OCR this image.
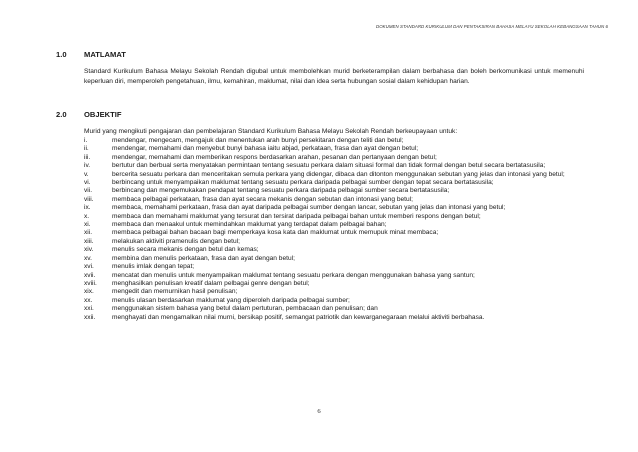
DOKUMEN STANDARD KURIKULUM DAN PENTAKSIRAN BAHASA MELAYU SEKOLAH KEBANGSAAN TAHUN 6
1.0 MATLAMAT
Standard Kurikulum Bahasa Melayu Sekolah Rendah digubal untuk membolehkan murid berketerampilan dalam berbahasa dan boleh berkomunikasi untuk memenuhi keperluan diri, memperoleh pengetahuan, ilmu, kemahiran, maklumat, nilai dan idea serta hubungan sosial dalam kehidupan harian.
2.0 OBJEKTIF
Murid yang mengikuti pengajaran dan pembelajaran Standard Kurikulum Bahasa Melayu Sekolah Rendah berkeupayaan untuk:
i.	mendengar, mengecam, mengajuk dan menentukan arah bunyi persekitaran dengan teliti dan betul;
ii.	mendengar, memahami dan menyebut bunyi bahasa iaitu abjad, perkataan, frasa dan ayat dengan betul;
iii.	mendengar, memahami dan memberikan respons berdasarkan arahan, pesanan dan pertanyaan dengan betul;
iv.	bertutur dan berbual serta menyatakan permintaan tentang sesuatu perkara dalam situasi formal dan tidak formal dengan betul secara bertatasusila;
v.	bercerita sesuatu perkara dan menceritakan semula perkara yang didengar, dibaca dan ditonton menggunakan sebutan yang jelas dan intonasi yang betul;
vi.	berbincang untuk menyampaikan maklumat tentang sesuatu perkara daripada pelbagai sumber dengan tepat secara bertatasusila;
vii.	berbincang dan mengemukakan pendapat tentang sesuatu perkara daripada pelbagai sumber secara bertatasusila;
viii.	membaca pelbagai perkataan, frasa dan ayat secara mekanis dengan sebutan dan intonasi yang betul;
ix.	membaca, memahami perkataan, frasa dan ayat daripada pelbagai sumber dengan lancar, sebutan yang jelas dan intonasi yang betul;
x.	membaca dan memahami maklumat yang tersurat dan tersirat daripada pelbagai bahan untuk memberi respons dengan betul;
xi.	membaca dan menaakul untuk memindahkan maklumat yang terdapat dalam pelbagai bahan;
xii.	membaca pelbagai bahan bacaan bagi memperkaya kosa kata dan maklumat untuk memupuk minat membaca;
xiii.	melakukan aktiviti pramenulis dengan betul;
xiv.	menulis secara mekanis dengan betul dan kemas;
xv.	membina dan menulis perkataan, frasa dan ayat dengan betul;
xvi.	menulis imlak dengan tepat;
xvii.	mencatat dan menulis untuk menyampaikan maklumat tentang sesuatu perkara dengan menggunakan bahasa yang santun;
xviii.	menghasilkan penulisan kreatif dalam pelbagai genre dengan betul;
xix.	mengedit dan memurnikan hasil penulisan;
xx.	menulis ulasan berdasarkan maklumat yang diperoleh daripada pelbagai sumber;
xxi.	menggunakan sistem bahasa yang betul dalam pertuturan, pembacaan dan penulisan; dan
xxii.	menghayati dan mengamalkan nilai murni, bersikap positif, semangat patriotik dan kewarganegaraan melalui aktiviti berbahasa.
6
